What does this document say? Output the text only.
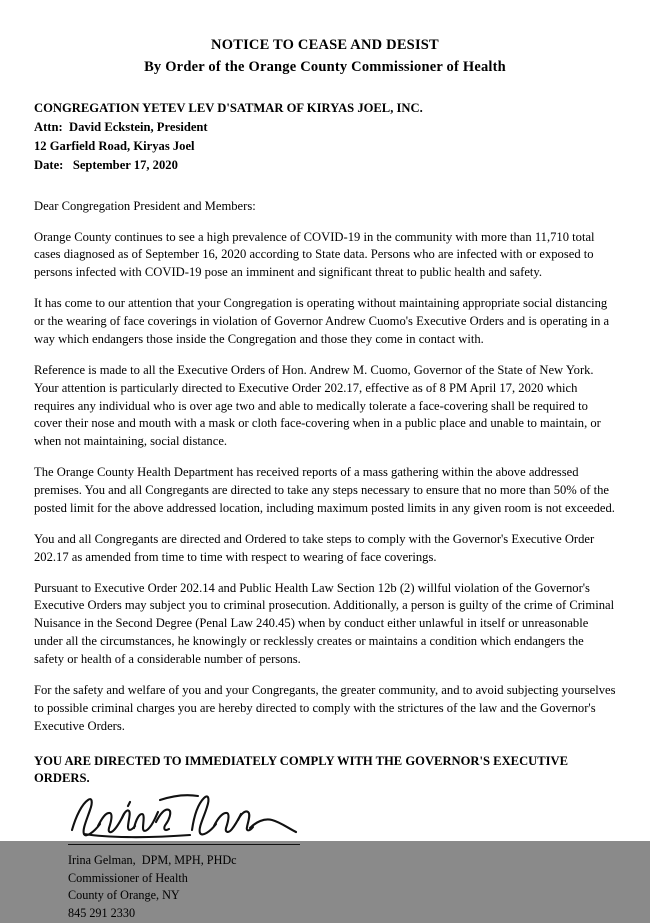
NOTICE TO CEASE AND DESIST
By Order of the Orange County Commissioner of Health
CONGREGATION YETEV LEV D'SATMAR OF KIRYAS JOEL, INC.
Attn:  David Eckstein, President
12 Garfield Road, Kiryas Joel
Date:   September 17, 2020
Dear Congregation President and Members:
Orange County continues to see a high prevalence of COVID-19 in the community with more than 11,710 total cases diagnosed as of September 16, 2020 according to State data. Persons who are infected with or exposed to persons infected with COVID-19 pose an imminent and significant threat to public health and safety.
It has come to our attention that your Congregation is operating without maintaining appropriate social distancing or the wearing of face coverings in violation of Governor Andrew Cuomo's Executive Orders and is operating in a way which endangers those inside the Congregation and those they come in contact with.
Reference is made to all the Executive Orders of Hon. Andrew M. Cuomo, Governor of the State of New York. Your attention is particularly directed to Executive Order 202.17, effective as of 8 PM April 17, 2020 which requires any individual who is over age two and able to medically tolerate a face-covering shall be required to cover their nose and mouth with a mask or cloth face-covering when in a public place and unable to maintain, or when not maintaining, social distance.
The Orange County Health Department has received reports of a mass gathering within the above addressed premises. You and all Congregants are directed to take any steps necessary to ensure that no more than 50% of the posted limit for the above addressed location, including maximum posted limits in any given room is not exceeded.
You and all Congregants are directed and Ordered to take steps to comply with the Governor's Executive Order 202.17 as amended from time to time with respect to wearing of face coverings.
Pursuant to Executive Order 202.14 and Public Health Law Section 12b (2) willful violation of the Governor's Executive Orders may subject you to criminal prosecution. Additionally, a person is guilty of the crime of Criminal Nuisance in the Second Degree (Penal Law 240.45) when by conduct either unlawful in itself or unreasonable under all the circumstances, he knowingly or recklessly creates or maintains a condition which endangers the safety or health of a considerable number of persons.
For the safety and welfare of you and your Congregants, the greater community, and to avoid subjecting yourselves to possible criminal charges you are hereby directed to comply with the strictures of the law and the Governor's Executive Orders.
YOU ARE DIRECTED TO IMMEDIATELY COMPLY WITH THE GOVERNOR'S EXECUTIVE ORDERS.
Irina Gelman,  DPM, MPH, PHDc
Commissioner of Health
County of Orange, NY
845 291 2330
